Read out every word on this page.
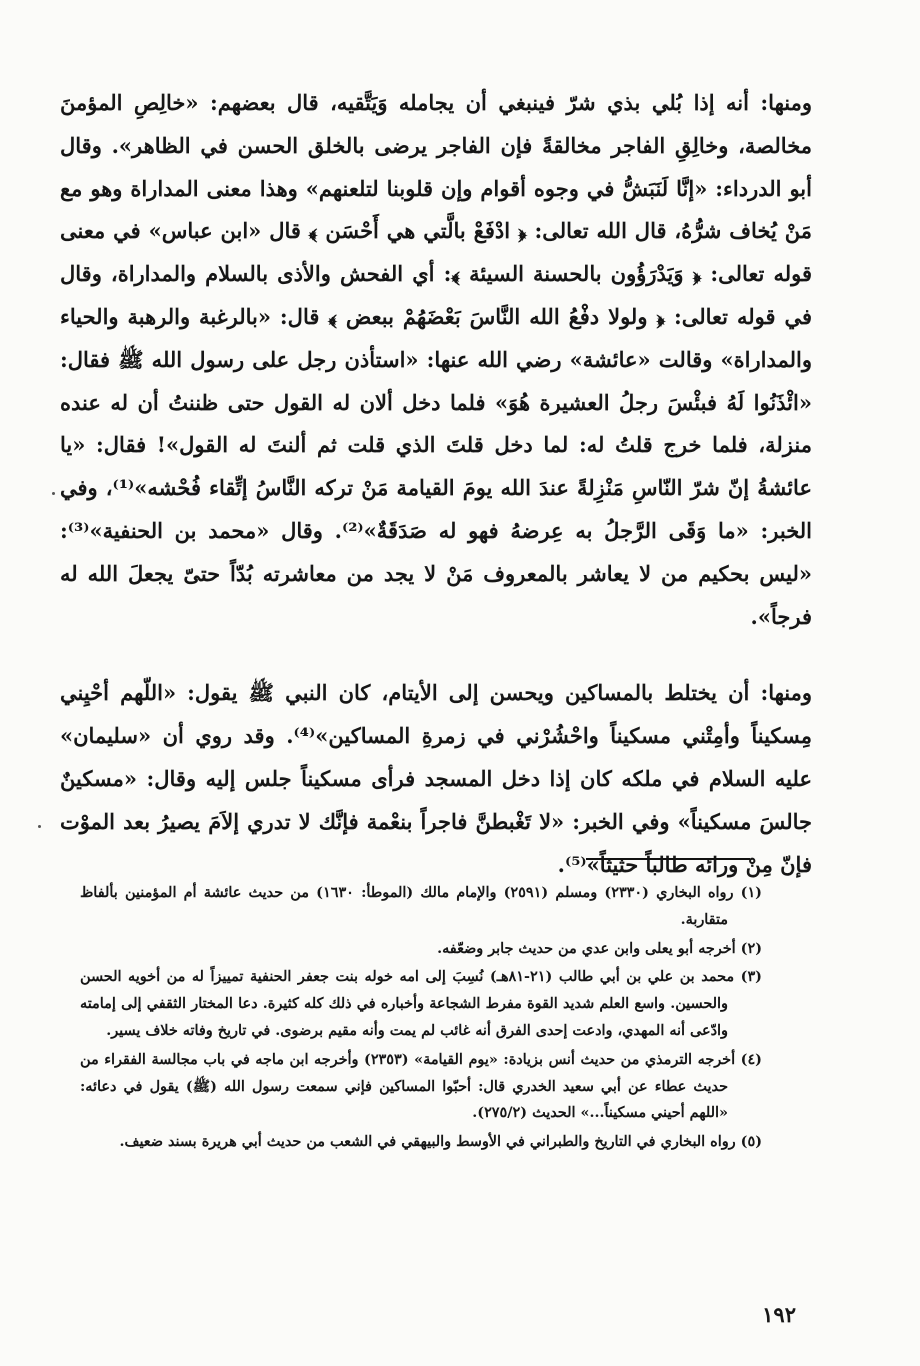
ومنها: أنه إذا بُلي بذي شرّ فينبغي أن يجامله وَيَتَّقيه، قال بعضهم: «خالِصِ المؤمنَ مخالصة، وخالِقِ الفاجر مخالقةً فإن الفاجر يرضى بالخلق الحسن في الظاهر». وقال أبو الدرداء: «إنَّا لَنَبَشُّ في وجوه أقوام وإن قلوبنا لتلعنهم» وهذا معنى المداراة وهو مع مَنْ يُخاف شرُّهُ، قال الله تعالى: ﴿ ادْفَعْ بالَّتي هي أَحْسَن ﴾ قال «ابن عباس» في معنى قوله تعالى: ﴿ وَيَدْرَؤُون بالحسنة السيئة ﴾: أي الفحش والأذى بالسلام والمداراة، وقال في قوله تعالى: ﴿ ولولا دفْعُ الله النَّاسَ بَعْضَهُمْ ببعض ﴾ قال: «بالرغبة والرهبة والحياء والمداراة» وقالت «عائشة» رضي الله عنها: «استأذن رجل على رسول الله ﷺ فقال: «ائْذَنُوا لَهُ فبئْسَ رجلُ العشيرة هُوَ» فلما دخل ألان له القول حتى ظننتُ أن له عنده منزلة، فلما خرج قلتُ له: لما دخل قلتَ الذي قلت ثم ألنتَ له القول»! فقال: «يا عائشةُ إنّ شرّ النّاسِ مَنْزِلةً عندَ الله يومَ القيامة مَنْ تركه النَّاسُ إتِّقاء فُحْشه»⁽¹⁾، وفي الخبر: «ما وَقَى الرَّجلُ به عِرضهُ فهو له صَدَقَةٌ»⁽²⁾. وقال «محمد بن الحنفية»⁽³⁾: «ليس بحكيم من لا يعاشر بالمعروف مَنْ لا يجد من معاشرته بُدّاً حتىّ يجعلَ الله له فرجاً».

ومنها: أن يختلط بالمساكين ويحسن إلى الأيتام، كان النبي ﷺ يقول: «اللّهم أحْيِني مِسكيناً وأمِتْني مسكيناً واحْشُرْني في زمرةِ المساكين»⁽⁴⁾. وقد روي أن «سليمان» عليه السلام في ملكه كان إذا دخل المسجد فرأى مسكيناً جلس إليه وقال: «مسكينٌ جالسَ مسكيناً» وفي الخبر: «لا تَغْبطنَّ فاجراً بنعْمة فإنَّك لا تدري إلاَمَ يصيرُ بعد الموْت فإنّ مِنْ ورائه طالباً حثيثاً»⁽⁵⁾.

(١) رواه البخاري (٢٣٣٠) ومسلم (٢٥٩١) والإمام مالك (الموطأ: ١٦٣٠) من حديث عائشة أم المؤمنين بألفاظ متقاربة.

(٢) أخرجه أبو يعلى وابن عدي من حديث جابر وضعّفه.

(٣) محمد بن علي بن أبي طالب (٢١-٨١هـ) نُسِبَ إلى امه خوله بنت جعفر الحنفية تمييزاً له من أخويه الحسن والحسين. واسع العلم شديد القوة مفرط الشجاعة وأخباره في ذلك كله كثيرة. دعا المختار الثقفي إلى إمامته وادّعى أنه المهدي، وادعت إحدى الفرق أنه غائب لم يمت وأنه مقيم برضوى. في تاريخ وفاته خلاف يسير.

(٤) أخرجه الترمذي من حديث أنس بزيادة: «يوم القيامة» (٢٣٥٣) وأخرجه ابن ماجه في باب مجالسة الفقراء من حديث عطاء عن أبي سعيد الخدري قال: أحبّوا المساكين فإني سمعت رسول الله (ﷺ) يقول في دعائه: «اللهم أحيني مسكيناً...» الحديث (٢٧٥/٢).

(٥) رواه البخاري في التاريخ والطبراني في الأوسط والبيهقي في الشعب من حديث أبي هريرة بسند ضعيف.

١٩٢
